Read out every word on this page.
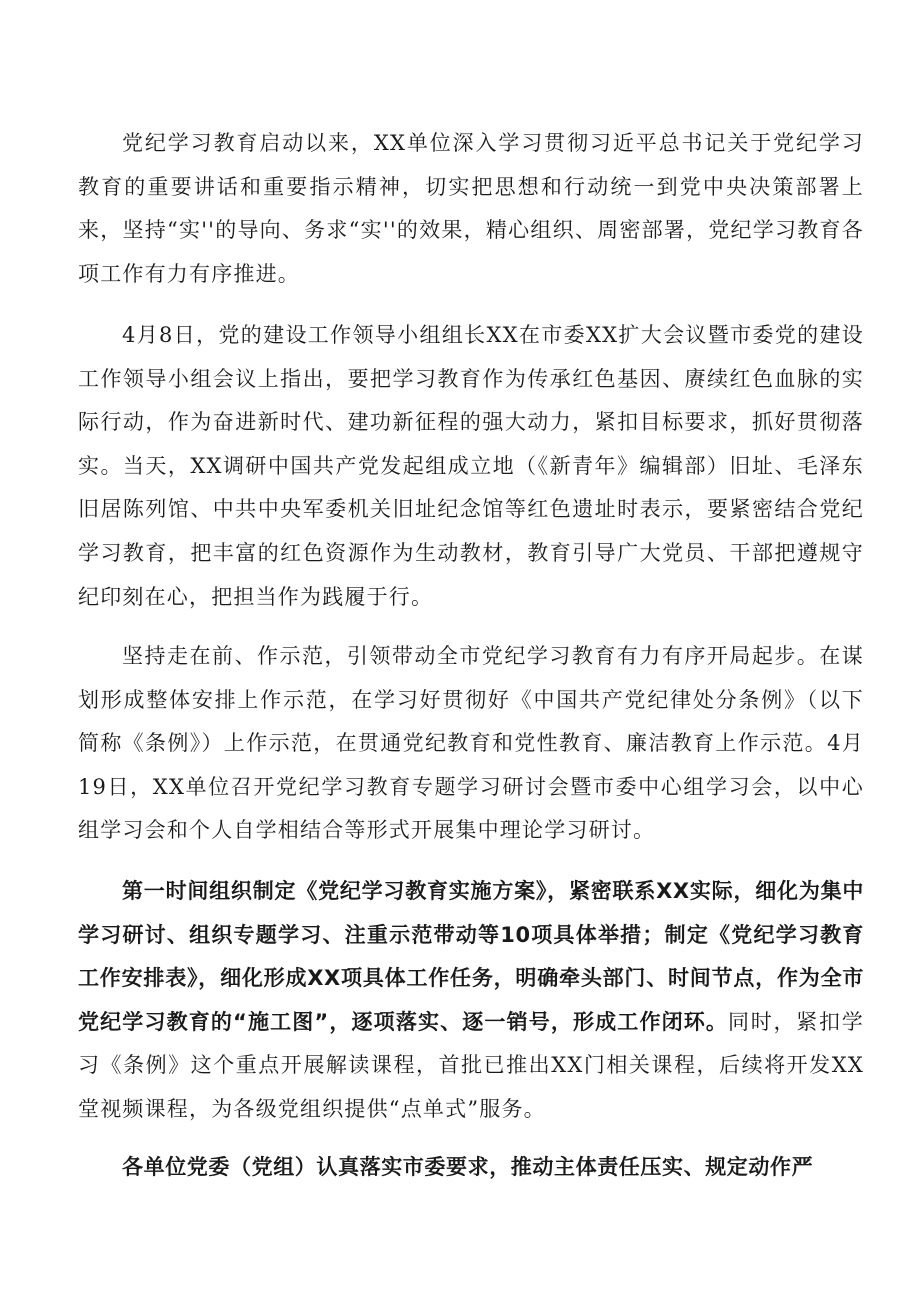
党纪学习教育启动以来，XX单位深入学习贯彻习近平总书记关于党纪学习教育的重要讲话和重要指示精神，切实把思想和行动统一到党中央决策部署上来，坚持“实''的导向、务求“实''的效果，精心组织、周密部署，党纪学习教育各项工作有力有序推进。

4月8日，党的建设工作领导小组组长XX在市委XX扩大会议暨市委党的建设工作领导小组会议上指出，要把学习教育作为传承红色基因、赓续红色血脉的实际行动，作为奋进新时代、建功新征程的强大动力，紧扣目标要求，抓好贯彻落实。当天，XX调研中国共产党发起组成立地（《新青年》编辑部）旧址、毛泽东旧居陈列馆、中共中央军委机关旧址纪念馆等红色遗址时表示，要紧密结合党纪学习教育，把丰富的红色资源作为生动教材，教育引导广大党员、干部把遵规守纪印刻在心，把担当作为践履于行。

坚持走在前、作示范，引领带动全市党纪学习教育有力有序开局起步。在谋划形成整体安排上作示范，在学习好贯彻好《中国共产党纪律处分条例》（以下简称《条例》）上作示范，在贯通党纪教育和党性教育、廉洁教育上作示范。4月19日，XX单位召开党纪学习教育专题学习研讨会暨市委中心组学习会，以中心组学习会和个人自学相结合等形式开展集中理论学习研讨。

第一时间组织制定《党纪学习教育实施方案》，紧密联系XX实际，细化为集中学习研讨、组织专题学习、注重示范带动等10项具体举措；制定《党纪学习教育工作安排表》，细化形成XX项具体工作任务，明确牵头部门、时间节点，作为全市党纪学习教育的“施工图”，逐项落实、逐一销号，形成工作闭环。同时，紧扣学习《条例》这个重点开展解读课程，首批已推出XX门相关课程，后续将开发XX堂视频课程，为各级党组织提供“点单式”服务。

各单位党委（党组）认真落实市委要求，推动主体责任压实、规定动作严
